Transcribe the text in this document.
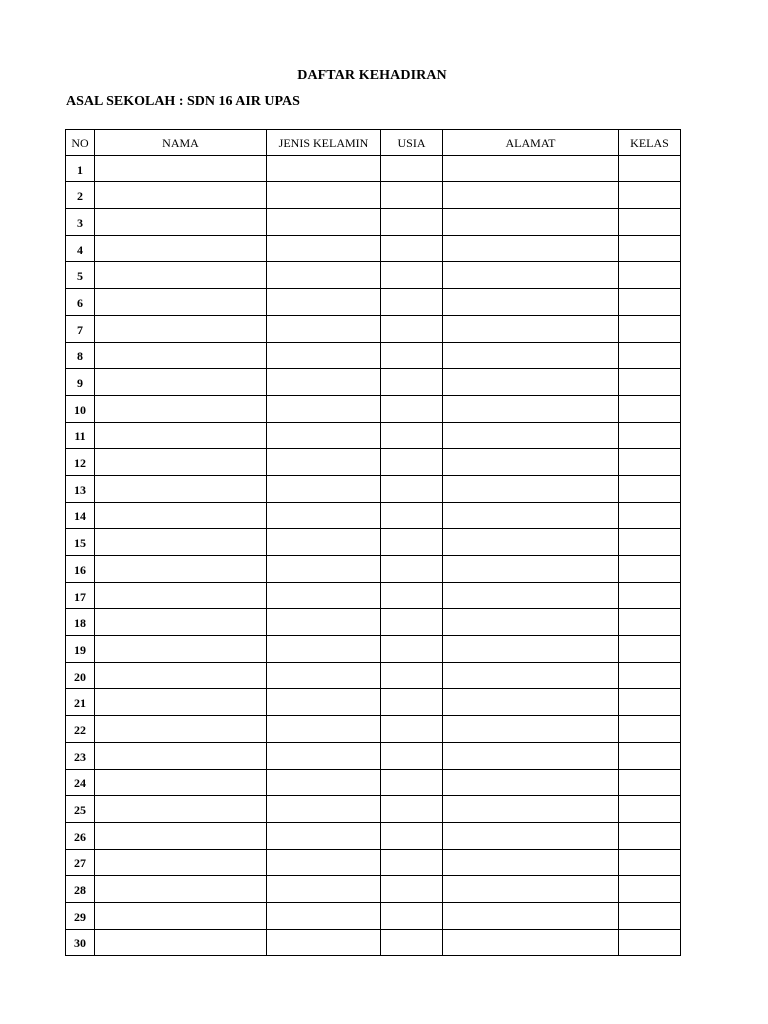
DAFTAR KEHADIRAN
ASAL SEKOLAH : SDN 16 AIR UPAS
NO	NAMA	JENIS KELAMIN	USIA	ALAMAT	KELAS
1					
2					
3					
4					
5					
6					
7					
8					
9					
10					
11					
12					
13					
14					
15					
16					
17					
18					
19					
20					
21					
22					
23					
24					
25					
26					
27					
28					
29					
30					
